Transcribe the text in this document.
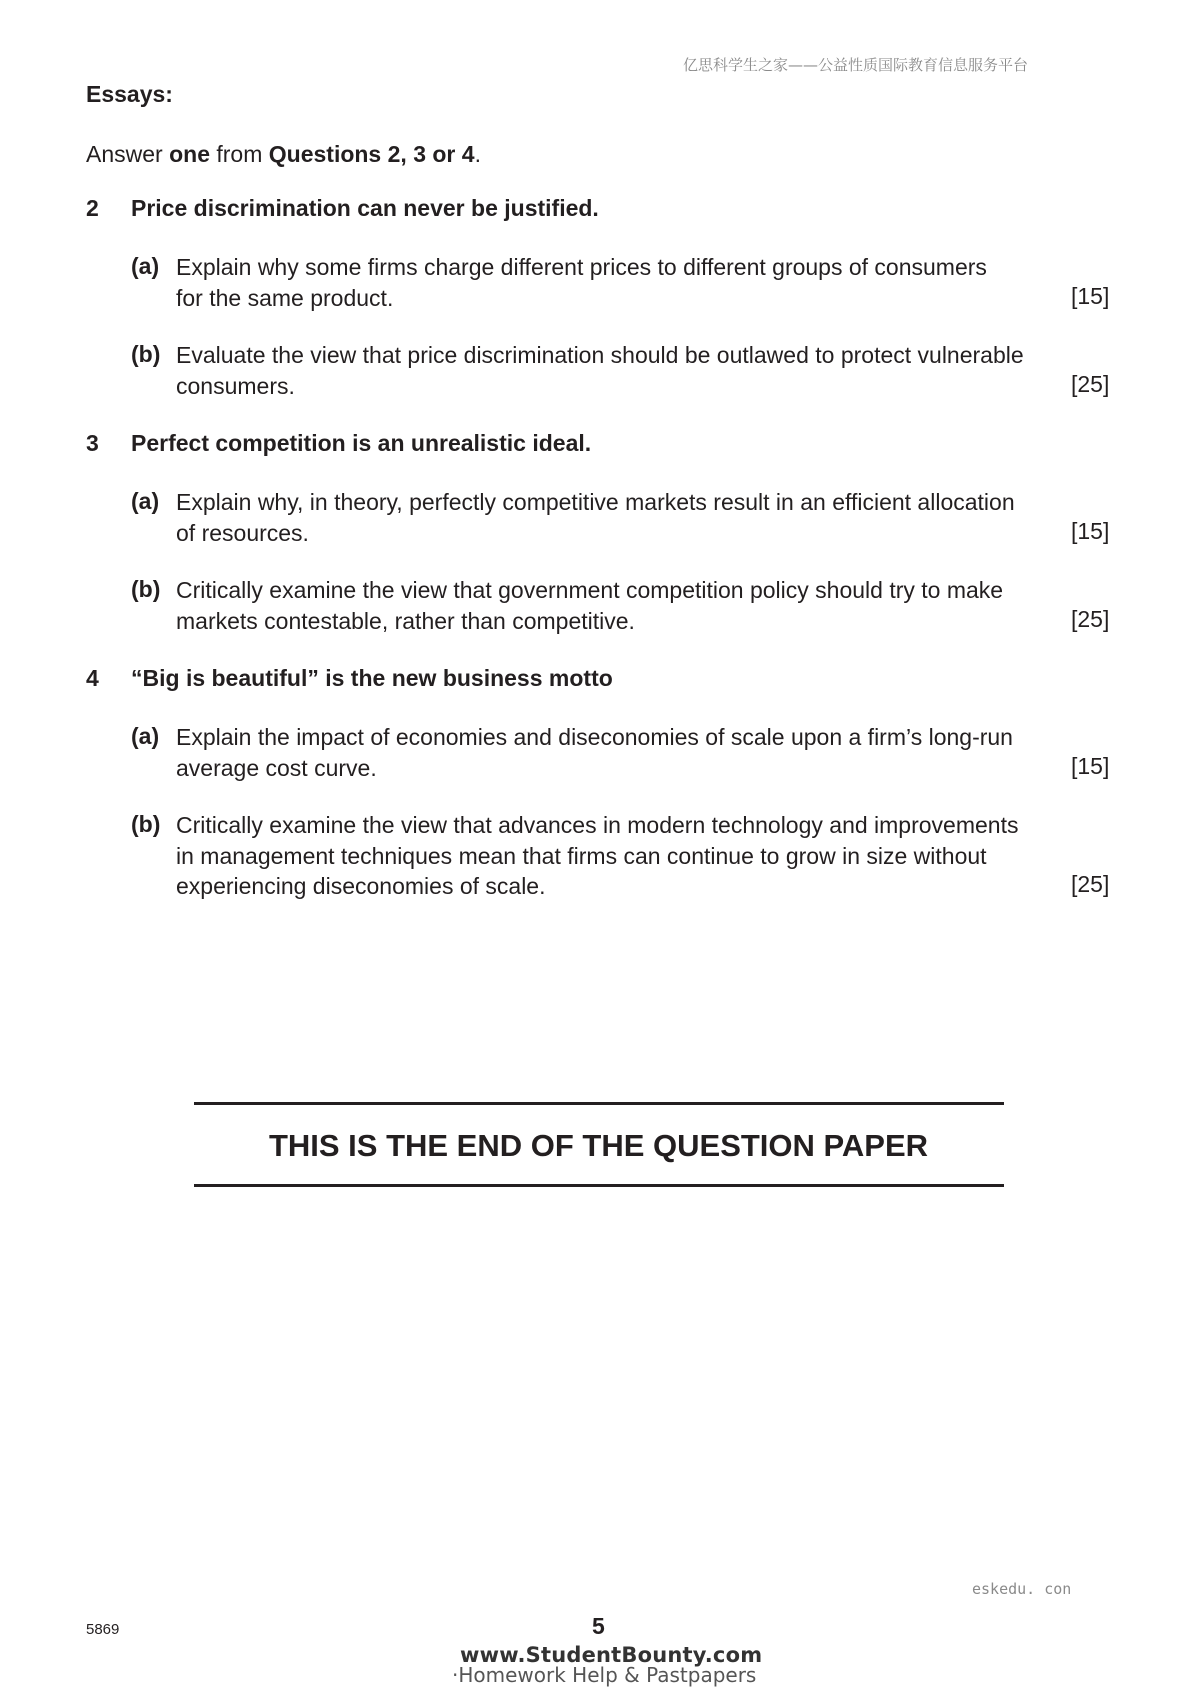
亿思科学生之家——公益性质国际教育信息服务平台
Essays:
Answer one from Questions 2, 3 or 4.
2 Price discrimination can never be justified.
(a) Explain why some firms charge different prices to different groups of consumers
for the same product.	[15]
(b) Evaluate the view that price discrimination should be outlawed to protect vulnerable
consumers.	[25]
3 Perfect competition is an unrealistic ideal.
(a) Explain why, in theory, perfectly competitive markets result in an efficient allocation
of resources.	[15]
(b) Critically examine the view that government competition policy should try to make
markets contestable, rather than competitive.	[25]
4 “Big is beautiful” is the new business motto
(a) Explain the impact of economies and diseconomies of scale upon a firm’s long-run
average cost curve.	[15]
(b) Critically examine the view that advances in modern technology and improvements
in management techniques mean that firms can continue to grow in size without
experiencing diseconomies of scale.	[25]
THIS IS THE END OF THE QUESTION PAPER
eskedu. con
5869	5
www.StudentBounty.com
·Homework Help & Pastpapers
